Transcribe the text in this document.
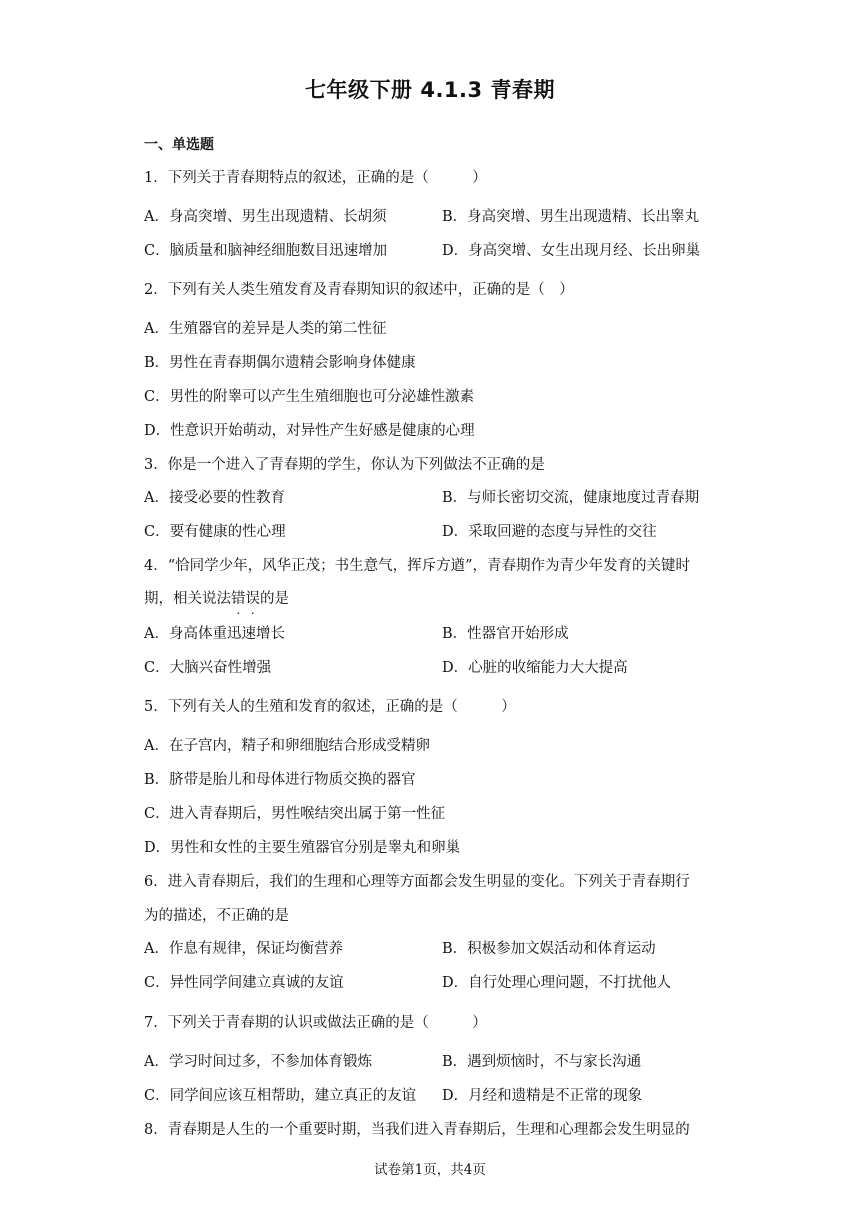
七年级下册 4.1.3 青春期
一、单选题
1．下列关于青春期特点的叙述，正确的是（　　　）
A．身高突增、男生出现遗精、长胡须	B．身高突增、男生出现遗精、长出睾丸
C．脑质量和脑神经细胞数目迅速增加	D．身高突增、女生出现月经、长出卵巢
2．下列有关人类生殖发育及青春期知识的叙述中，正确的是（　）
A．生殖器官的差异是人类的第二性征
B．男性在青春期偶尔遗精会影响身体健康
C．男性的附睾可以产生生殖细胞也可分泌雄性激素
D．性意识开始萌动，对异性产生好感是健康的心理
3．你是一个进入了青春期的学生，你认为下列做法不正确的是
A．接受必要的性教育	B．与师长密切交流，健康地度过青春期
C．要有健康的性心理	D．采取回避的态度与异性的交往
4．“恰同学少年，风华正茂；书生意气，挥斥方遒”，青春期作为青少年发育的关键时
期，相关说法错误的是
A．身高体重迅速增长	B．性器官开始形成
C．大脑兴奋性增强	D．心脏的收缩能力大大提高
5．下列有关人的生殖和发育的叙述，正确的是（　　　）
A．在子宫内，精子和卵细胞结合形成受精卵
B．脐带是胎儿和母体进行物质交换的器官
C．进入青春期后，男性喉结突出属于第一性征
D．男性和女性的主要生殖器官分别是睾丸和卵巢
6．进入青春期后，我们的生理和心理等方面都会发生明显的变化。下列关于青春期行
为的描述，不正确的是
A．作息有规律，保证均衡营养	B．积极参加文娱活动和体育运动
C．异性同学间建立真诚的友谊	D．自行处理心理问题，不打扰他人
7．下列关于青春期的认识或做法正确的是（　　　）
A．学习时间过多，不参加体育锻炼	B．遇到烦恼时，不与家长沟通
C．同学间应该互相帮助，建立真正的友谊 D．月经和遗精是不正常的现象
8．青春期是人生的一个重要时期，当我们进入青春期后，生理和心理都会发生明显的
试卷第1页，共4页
